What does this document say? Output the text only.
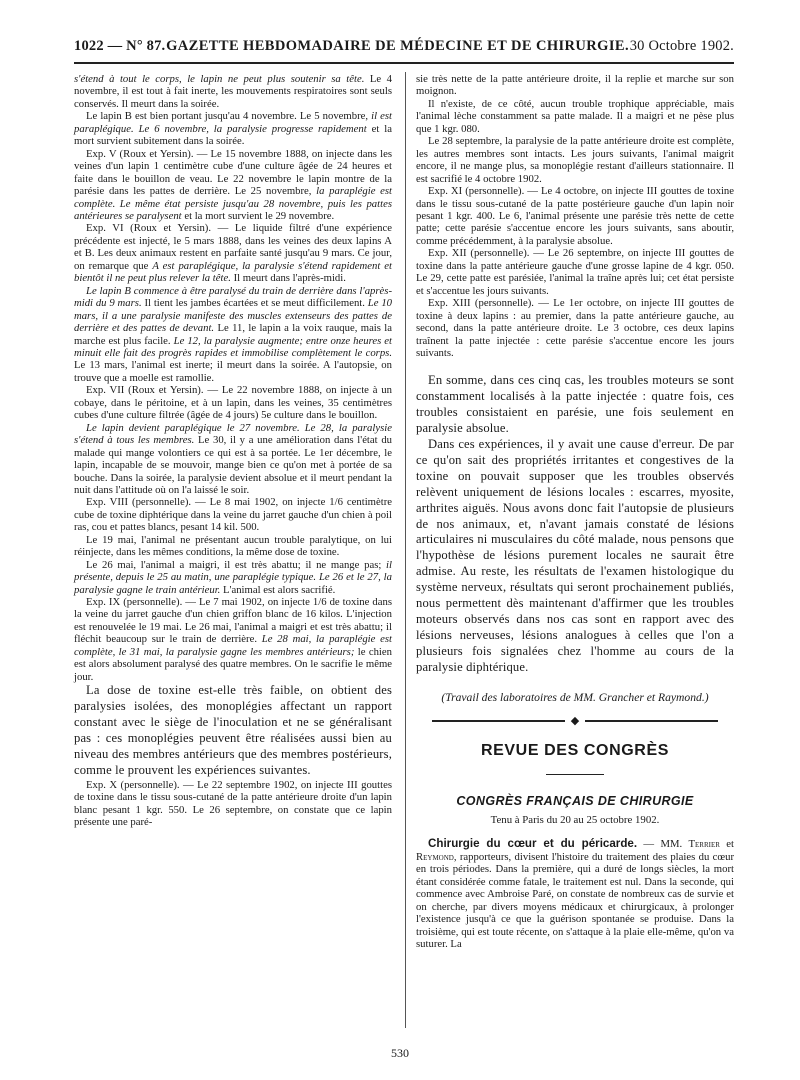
1022 — N° 87. GAZETTE HEBDOMADAIRE DE MÉDECINE ET DE CHIRURGIE. 30 Octobre 1902.

s'étend à tout le corps, le lapin ne peut plus soutenir sa tête. Le 4 novembre, il est tout à fait inerte, les mouvements respiratoires sont seuls conservés. Il meurt dans la soirée.

Le lapin B est bien portant jusqu'au 4 novembre. Le 5 novembre, il est paraplégique. Le 6 novembre, la paralysie progresse rapidement et la mort survient subitement dans la soirée.

Exp. V (Roux et Yersin). — Le 15 novembre 1888, on injecte dans les veines d'un lapin 1 centimètre cube d'une culture âgée de 24 heures et faite dans le bouillon de veau. Le 22 novembre le lapin montre de la parésie dans les pattes de derrière. Le 25 novembre, la paraplégie est complète. Le même état persiste jusqu'au 28 novembre, puis les pattes antérieures se paralysent et la mort survient le 29 novembre.

Exp. VI (Roux et Yersin). — Le liquide filtré d'une expérience précédente est injecté, le 5 mars 1888, dans les veines des deux lapins A et B. Les deux animaux restent en parfaite santé jusqu'au 9 mars. Ce jour, on remarque que A est paraplégique, la paralysie s'étend rapidement et bientôt il ne peut plus relever la tête. Il meurt dans l'après-midi.

Le lapin B commence à être paralysé du train de derrière dans l'après-midi du 9 mars. Il tient les jambes écartées et se meut difficilement. Le 10 mars, il a une paralysie manifeste des muscles extenseurs des pattes de derrière et des pattes de devant. Le 11, le lapin a la voix rauque, mais la marche est plus facile. Le 12, la paralysie augmente; entre onze heures et minuit elle fait des progrès rapides et immobilise complètement le corps. Le 13 mars, l'animal est inerte; il meurt dans la soirée. A l'autopsie, on trouve que a moelle est ramollie.

Exp. VII (Roux et Yersin). — Le 22 novembre 1888, on injecte à un cobaye, dans le péritoine, et à un lapin, dans les veines, 35 centimètres cubes d'une culture filtrée (âgée de 4 jours) 5e culture dans le bouillon.

Le lapin devient paraplégique le 27 novembre. Le 28, la paralysie s'étend à tous les membres. Le 30, il y a une amélioration dans l'état du malade qui mange volontiers ce qui est à sa portée. Le 1er décembre, le lapin, incapable de se mouvoir, mange bien ce qu'on met à portée de sa bouche. Dans la soirée, la paralysie devient absolue et il meurt pendant la nuit dans l'attitude où on l'a laissé le soir.

Exp. VIII (personnelle). — Le 8 mai 1902, on injecte 1/6 centimètre cube de toxine diphtérique dans la veine du jarret gauche d'un chien à poil ras, cou et pattes blancs, pesant 14 kil. 500.

Le 19 mai, l'animal ne présentant aucun trouble paralytique, on lui réinjecte, dans les mêmes conditions, la même dose de toxine.

Le 26 mai, l'animal a maigri, il est très abattu; il ne mange pas; il présente, depuis le 25 au matin, une paraplégie typique. Le 26 et le 27, la paralysie gagne le train antérieur. L'animal est alors sacrifié.

Exp. IX (personnelle). — Le 7 mai 1902, on injecte 1/6 de toxine dans la veine du jarret gauche d'un chien griffon blanc de 16 kilos. L'injection est renouvelée le 19 mai. Le 26 mai, l'animal a maigri et est très abattu; il fléchit beaucoup sur le train de derrière. Le 28 mai, la paraplégie est complète, le 31 mai, la paralysie gagne les membres antérieurs; le chien est alors absolument paralysé des quatre membres. On le sacrifie le même jour.

La dose de toxine est-elle très faible, on obtient des paralysies isolées, des monoplégies affectant un rapport constant avec le siège de l'inoculation et ne se généralisant pas : ces monoplégies peuvent être réalisées aussi bien au niveau des membres antérieurs que des membres postérieurs, comme le prouvent les expériences suivantes.

Exp. X (personnelle). — Le 22 septembre 1902, on injecte III gouttes de toxine dans le tissu sous-cutané de la patte antérieure droite d'un lapin blanc pesant 1 kgr. 550. Le 26 septembre, on constate que ce lapin présente une paré-

sie très nette de la patte antérieure droite, il la replie et marche sur son moignon.

Il n'existe, de ce côté, aucun trouble trophique appréciable, mais l'animal lèche constamment sa patte malade. Il a maigri et ne pèse plus que 1 kgr. 080.

Le 28 septembre, la paralysie de la patte antérieure droite est complète, les autres membres sont intacts. Les jours suivants, l'animal maigrit encore, il ne mange plus, sa monoplégie restant d'ailleurs stationnaire. Il est sacrifié le 4 octobre 1902.

Exp. XI (personnelle). — Le 4 octobre, on injecte III gouttes de toxine dans le tissu sous-cutané de la patte postérieure gauche d'un lapin noir pesant 1 kgr. 400. Le 6, l'animal présente une parésie très nette de cette patte; cette parésie s'accentue encore les jours suivants, sans aboutir, comme précédemment, à la paralysie absolue.

Exp. XII (personnelle). — Le 26 septembre, on injecte III gouttes de toxine dans la patte antérieure gauche d'une grosse lapine de 4 kgr. 050. Le 29, cette patte est parésiée, l'animal la traîne après lui; cet état persiste et s'accentue les jours suivants.

Exp. XIII (personnelle). — Le 1er octobre, on injecte III gouttes de toxine à deux lapins : au premier, dans la patte antérieure gauche, au second, dans la patte antérieure droite. Le 3 octobre, ces deux lapins traînent la patte injectée : cette parésie s'accentue encore les jours suivants.

En somme, dans ces cinq cas, les troubles moteurs se sont constamment localisés à la patte injectée : quatre fois, ces troubles consistaient en parésie, une fois seulement en paralysie absolue.

Dans ces expériences, il y avait une cause d'erreur. De par ce qu'on sait des propriétés irritantes et congestives de la toxine on pouvait supposer que les troubles observés relèvent uniquement de lésions locales : escarres, myosite, arthrites aiguës. Nous avons donc fait l'autopsie de plusieurs de nos animaux, et, n'avant jamais constaté de lésions articulaires ni musculaires du côté malade, nous pensons que l'hypothèse de lésions purement locales ne saurait être admise. Au reste, les résultats de l'examen histologique du système nerveux, résultats qui seront prochainement publiés, nous permettent dès maintenant d'affirmer que les troubles moteurs observés dans nos cas sont en rapport avec des lésions nerveuses, lésions analogues à celles que l'on a plusieurs fois signalées chez l'homme au cours de la paralysie diphtérique.

(Travail des laboratoires de MM. Grancher et Raymond.)

◆
REVUE DES CONGRÈS
CONGRÈS FRANÇAIS DE CHIRURGIE
Tenu à Paris du 20 au 25 octobre 1902.

Chirurgie du cœur et du péricarde. — MM. Terrier et Reymond, rapporteurs, divisent l'histoire du traitement des plaies du cœur en trois périodes. Dans la première, qui a duré de longs siècles, la mort étant considérée comme fatale, le traitement est nul. Dans la seconde, qui commence avec Ambroise Paré, on constate de nombreux cas de survie et on cherche, par divers moyens médicaux et chirurgicaux, à prolonger l'existence jusqu'à ce que la guérison spontanée se produise. Dans la troisième, qui est toute récente, on s'attaque à la plaie elle-même, qu'on va suturer. La

530
